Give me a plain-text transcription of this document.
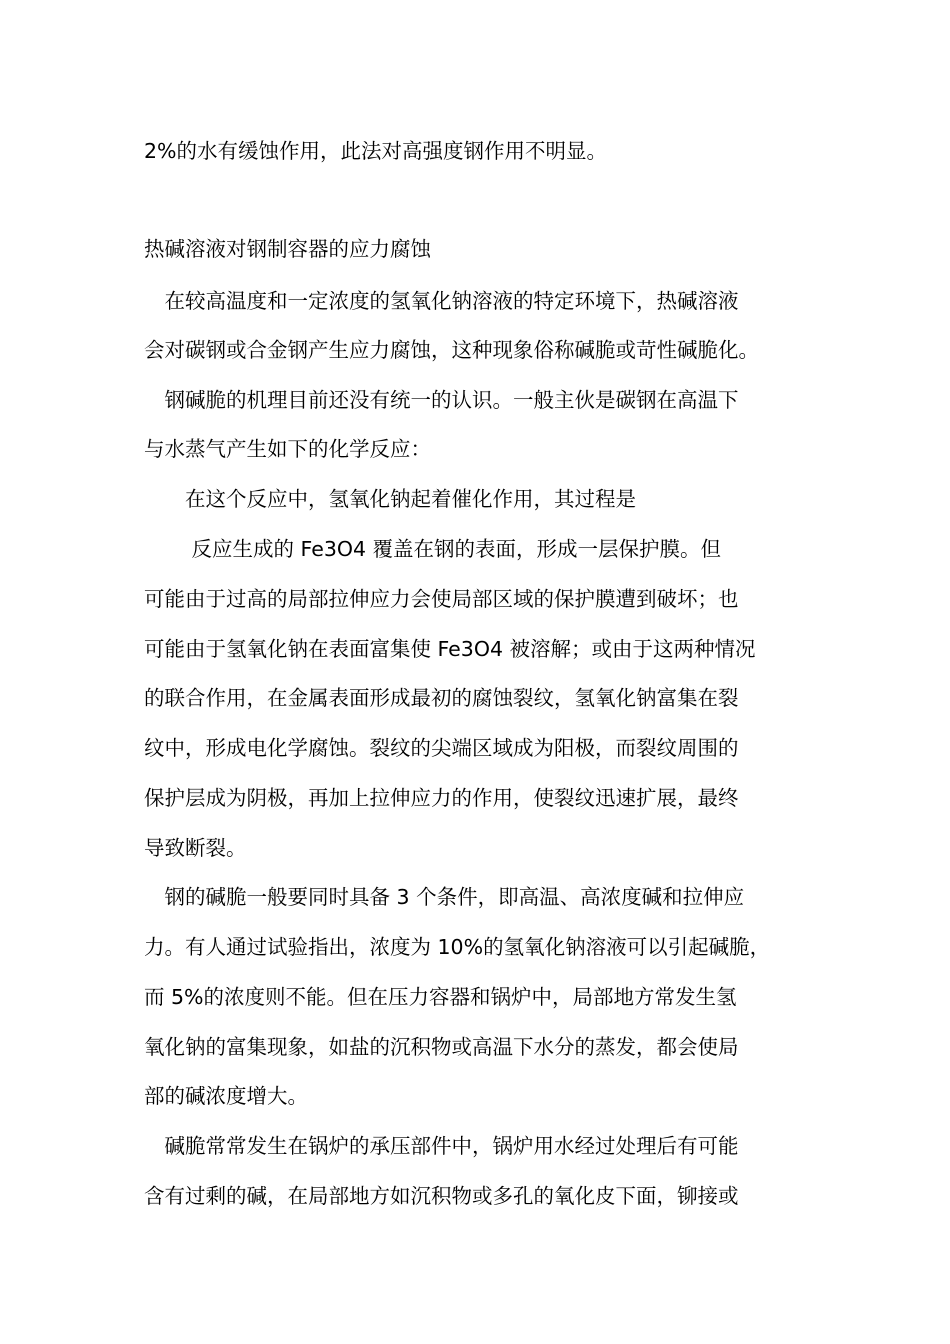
2%的水有缓蚀作用，此法对高强度钢作用不明显。
热碱溶液对钢制容器的应力腐蚀
　在较高温度和一定浓度的氢氧化钠溶液的特定环境下，热碱溶液
会对碳钢或合金钢产生应力腐蚀，这种现象俗称碱脆或苛性碱脆化。
　钢碱脆的机理目前还没有统一的认识。一般主伙是碳钢在高温下
与水蒸气产生如下的化学反应：
　　在这个反应中，氢氧化钠起着催化作用，其过程是
　　 反应生成的 Fe3O4 覆盖在钢的表面，形成一层保护膜。但
可能由于过高的局部拉伸应力会使局部区域的保护膜遭到破坏；也
可能由于氢氧化钠在表面富集使 Fe3O4 被溶解；或由于这两种情况
的联合作用，在金属表面形成最初的腐蚀裂纹，氢氧化钠富集在裂
纹中，形成电化学腐蚀。裂纹的尖端区域成为阳极，而裂纹周围的
保护层成为阴极，再加上拉伸应力的作用，使裂纹迅速扩展，最终
导致断裂。
　钢的碱脆一般要同时具备 3 个条件，即高温、高浓度碱和拉伸应
力。有人通过试验指出，浓度为 10%的氢氧化钠溶液可以引起碱脆，
而 5%的浓度则不能。但在压力容器和锅炉中，局部地方常发生氢
氧化钠的富集现象，如盐的沉积物或高温下水分的蒸发，都会使局
部的碱浓度增大。
　碱脆常常发生在锅炉的承压部件中，锅炉用水经过处理后有可能
含有过剩的碱，在局部地方如沉积物或多孔的氧化皮下面，铆接或
